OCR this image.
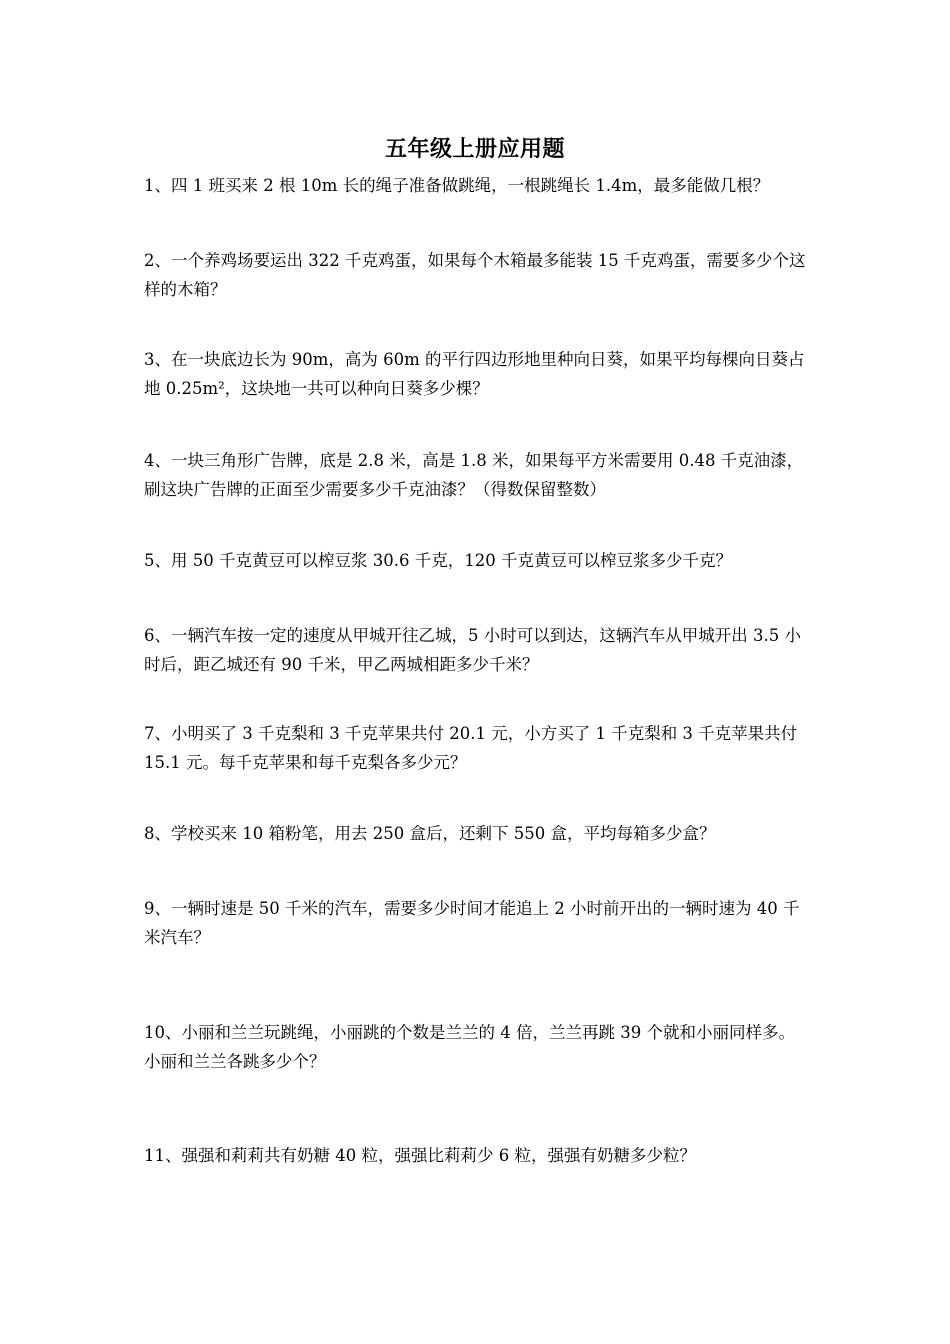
五年级上册应用题

1、四 1 班买来 2 根 10m 长的绳子准备做跳绳，一根跳绳长 1.4m，最多能做几根？

2、一个养鸡场要运出 322 千克鸡蛋，如果每个木箱最多能装 15 千克鸡蛋，需要多少个这样的木箱？

3、在一块底边长为 90m，高为 60m 的平行四边形地里种向日葵，如果平均每棵向日葵占地 0.25m²，这块地一共可以种向日葵多少棵？

4、一块三角形广告牌，底是 2.8 米，高是 1.8 米，如果每平方米需要用 0.48 千克油漆，刷这块广告牌的正面至少需要多少千克油漆？（得数保留整数）

5、用 50 千克黄豆可以榨豆浆 30.6 千克，120 千克黄豆可以榨豆浆多少千克？

6、一辆汽车按一定的速度从甲城开往乙城，5 小时可以到达，这辆汽车从甲城开出 3.5 小时后，距乙城还有 90 千米，甲乙两城相距多少千米？

7、小明买了 3 千克梨和 3 千克苹果共付 20.1 元，小方买了 1 千克梨和 3 千克苹果共付 15.1 元。每千克苹果和每千克梨各多少元？

8、学校买来 10 箱粉笔，用去 250 盒后，还剩下 550 盒，平均每箱多少盒？

9、一辆时速是 50 千米的汽车，需要多少时间才能追上 2 小时前开出的一辆时速为 40 千米汽车？

10、小丽和兰兰玩跳绳，小丽跳的个数是兰兰的 4 倍，兰兰再跳 39 个就和小丽同样多。小丽和兰兰各跳多少个？

11、强强和莉莉共有奶糖 40 粒，强强比莉莉少 6 粒，强强有奶糖多少粒？
